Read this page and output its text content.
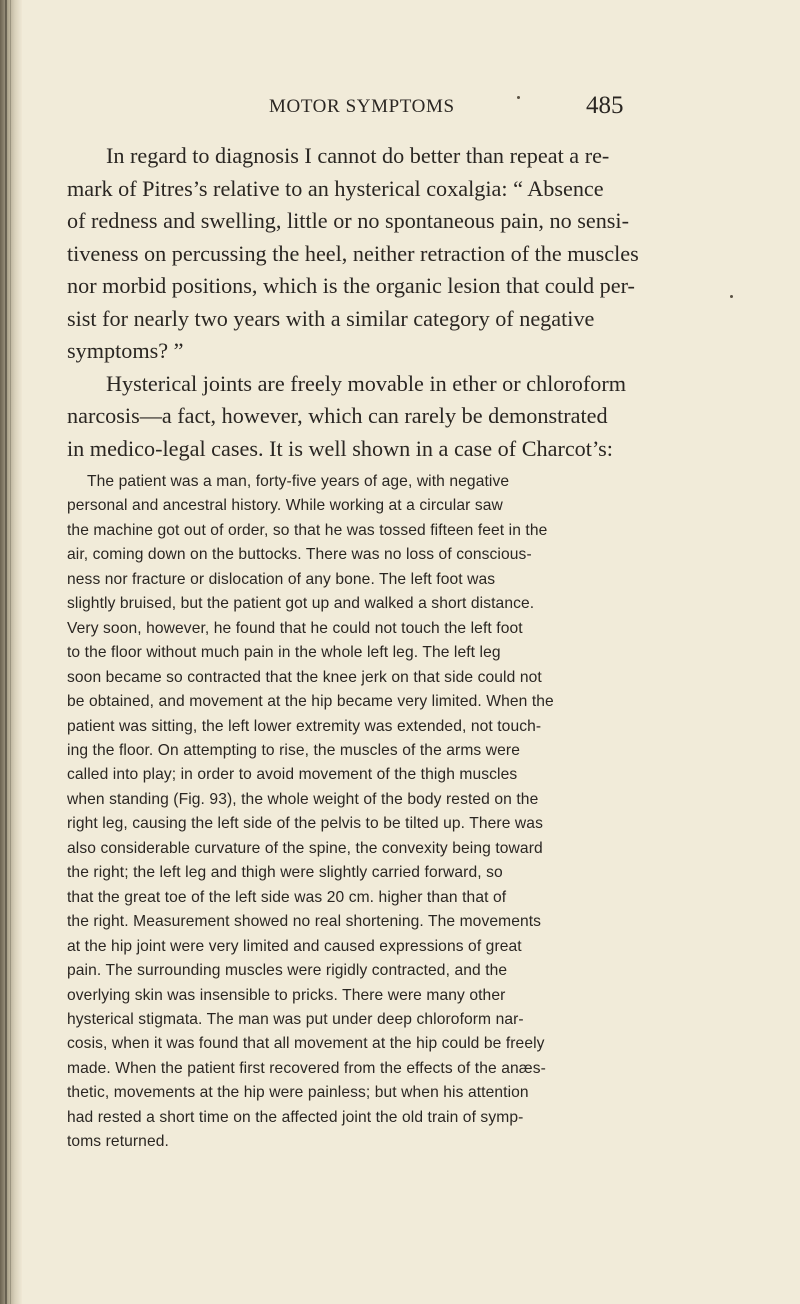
MOTOR SYMPTOMS	485

In regard to diagnosis I cannot do better than repeat a re-
mark of Pitres’s relative to an hysterical coxalgia: “ Absence
of redness and swelling, little or no spontaneous pain, no sensi-
tiveness on percussing the heel, neither retraction of the muscles
nor morbid positions, which is the organic lesion that could per-
sist for nearly two years with a similar category of negative
symptoms? ”

Hysterical joints are freely movable in ether or chloroform
narcosis—a fact, however, which can rarely be demonstrated
in medico-legal cases. It is well shown in a case of Charcot’s:

The patient was a man, forty-five years of age, with negative
personal and ancestral history. While working at a circular saw
the machine got out of order, so that he was tossed fifteen feet in the
air, coming down on the buttocks. There was no loss of conscious-
ness nor fracture or dislocation of any bone. The left foot was
slightly bruised, but the patient got up and walked a short distance.
Very soon, however, he found that he could not touch the left foot
to the floor without much pain in the whole left leg. The left leg
soon became so contracted that the knee jerk on that side could not
be obtained, and movement at the hip became very limited. When the
patient was sitting, the left lower extremity was extended, not touch-
ing the floor. On attempting to rise, the muscles of the arms were
called into play; in order to avoid movement of the thigh muscles
when standing (Fig. 93), the whole weight of the body rested on the
right leg, causing the left side of the pelvis to be tilted up. There was
also considerable curvature of the spine, the convexity being toward
the right; the left leg and thigh were slightly carried forward, so
that the great toe of the left side was 20 cm. higher than that of
the right. Measurement showed no real shortening. The movements
at the hip joint were very limited and caused expressions of great
pain. The surrounding muscles were rigidly contracted, and the
overlying skin was insensible to pricks. There were many other
hysterical stigmata. The man was put under deep chloroform nar-
cosis, when it was found that all movement at the hip could be freely
made. When the patient first recovered from the effects of the anæs-
thetic, movements at the hip were painless; but when his attention
had rested a short time on the affected joint the old train of symp-
toms returned.
